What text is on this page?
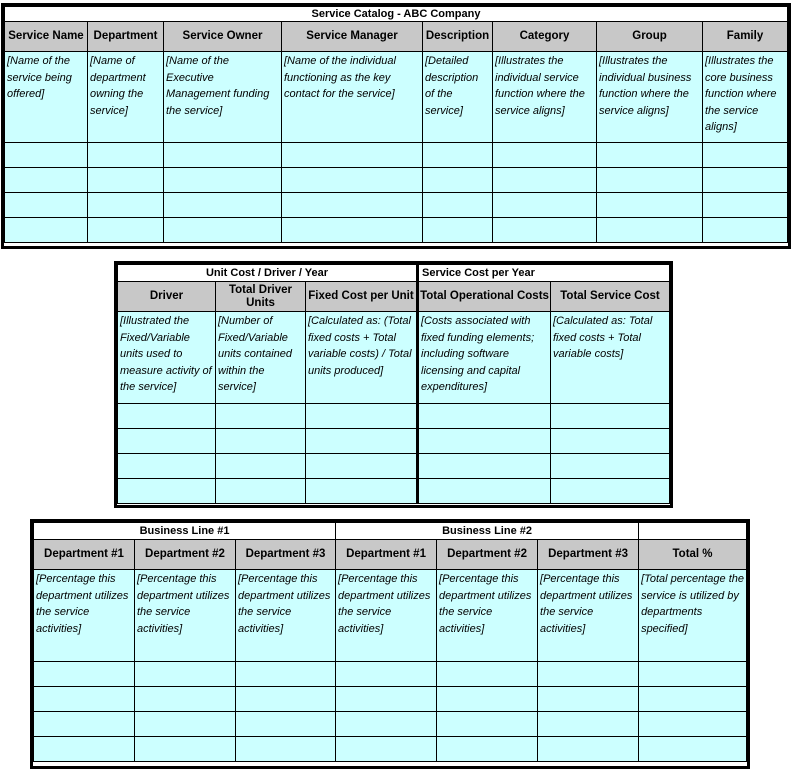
Service Catalog - ABC Company							
Service Name	Department	Service Owner	Service Manager	Description	Category	Group	Family
[Name of the service being offered]	[Name of department owning the service]	[Name of the Executive Management funding the service]	[Name of the individual functioning as the key contact for the service]	[Detailed description of the service]	[Illustrates the individual service function where the service aligns]	[Illustrates the individual business function where the service aligns]	[Illustrates the core business function where the service aligns]

Unit Cost / Driver / Year			Service Cost per Year	
Driver	Total Driver Units	Fixed Cost per Unit	Total Operational Costs	Total Service Cost
[Illustrated the Fixed/Variable units used to measure activity of the service]	[Number of Fixed/Variable units contained within the service]	[Calculated as: (Total fixed costs + Total variable costs) / Total units produced]	[Costs associated with fixed funding elements; including software licensing and capital expenditures]	[Calculated as: Total fixed costs + Total variable costs]

Business Line #1			Business Line #2			
Department #1	Department #2	Department #3	Department #1	Department #2	Department #3	Total %
[Percentage this department utilizes the service activities]	[Percentage this department utilizes the service activities]	[Percentage this department utilizes the service activities]	[Percentage this department utilizes the service activities]	[Percentage this department utilizes the service activities]	[Percentage this department utilizes the service activities]	[Total percentage the service is utilized by departments specified]
